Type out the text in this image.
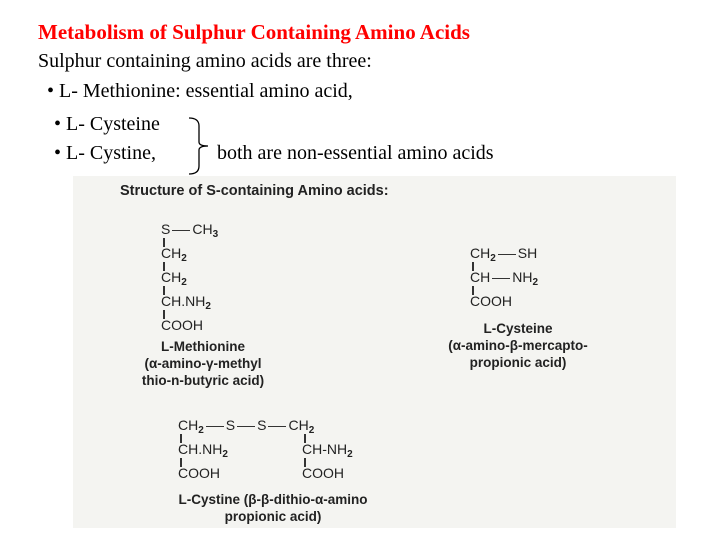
Metabolism of Sulphur Containing Amino Acids
Sulphur containing amino acids are three:
• L- Methionine: essential amino acid,
• L- Cysteine
• L- Cystine,	both are non-essential amino acids
Structure of S-containing Amino acids:
S $CH_3$
$CH_2$
$CH_2$
$CH.NH_2$
COOH
L-Methionine
(α-amino-γ-methyl
thio-n-butyric acid)
$CH_2$ SH
CH $NH_2$
COOH
L-Cysteine
(α-amino-β-mercapto-
propionic acid)
$CH_2$ S S $CH_2$
$CH.NH_2$	$CH-NH_2$
COOH	COOH
L-Cystine (β-β-dithio-α-amino
propionic acid)
